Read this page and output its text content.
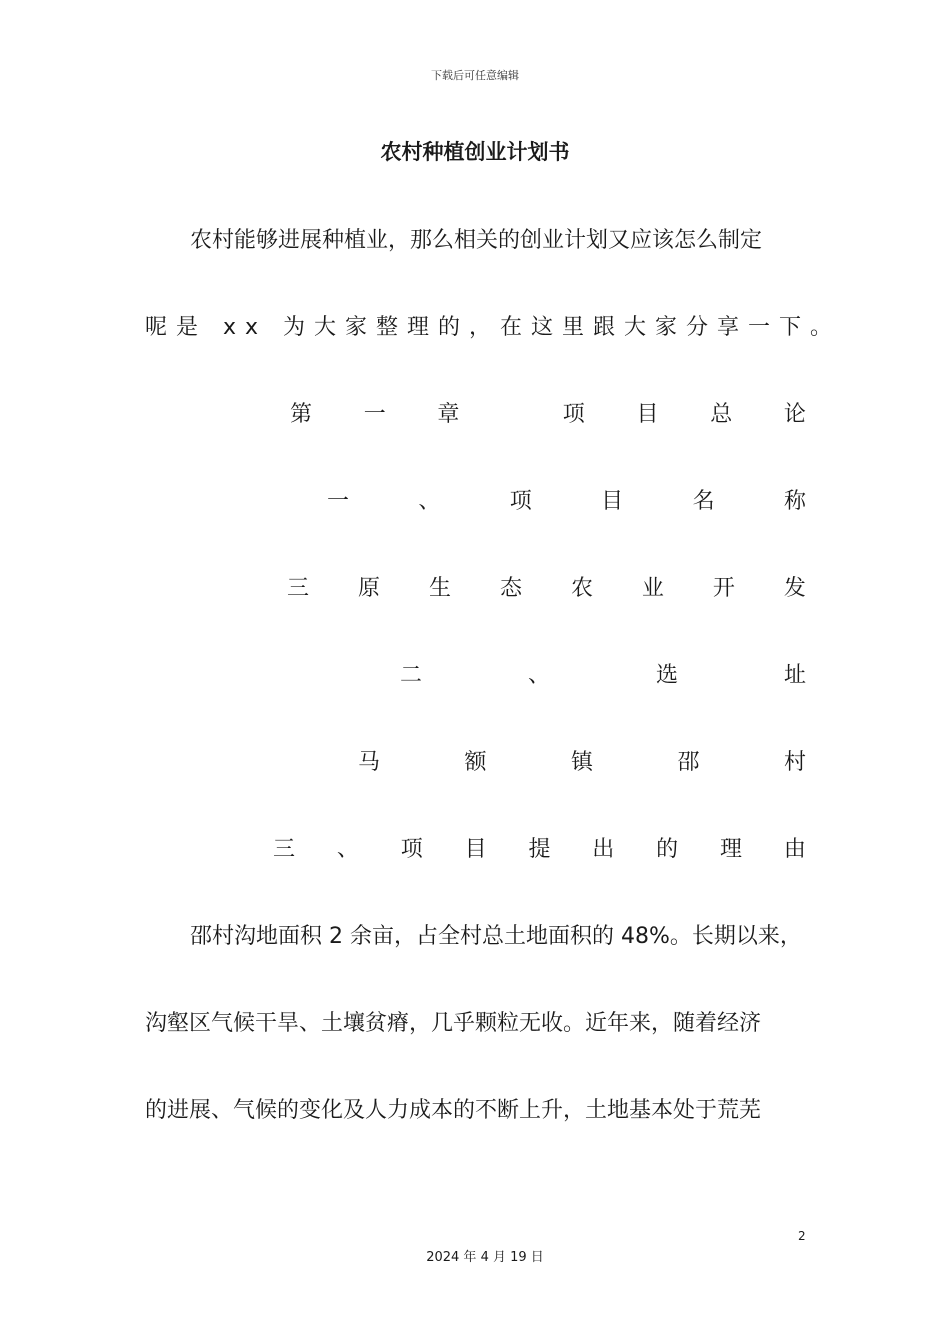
下载后可任意编辑
农村种植创业计划书
农村能够进展种植业，那么相关的创业计划又应该怎么制定
呢是 xx 为大家整理的，在这里跟大家分享一下。
第 一 章	项 目 总 论
一	、	项	目	名	称
三 原 生 态 农 业 开 发
二	、	选	址
马	额	镇	邵	村
三 、 项 目 提 出 的 理 由
邵村沟地面积 2 余亩，占全村总土地面积的 48%。长期以来，
沟壑区气候干旱、土壤贫瘠，几乎颗粒无收。近年来，随着经济
的进展、气候的变化及人力成本的不断上升，土地基本处于荒芜
2
2024 年 4 月 19 日
